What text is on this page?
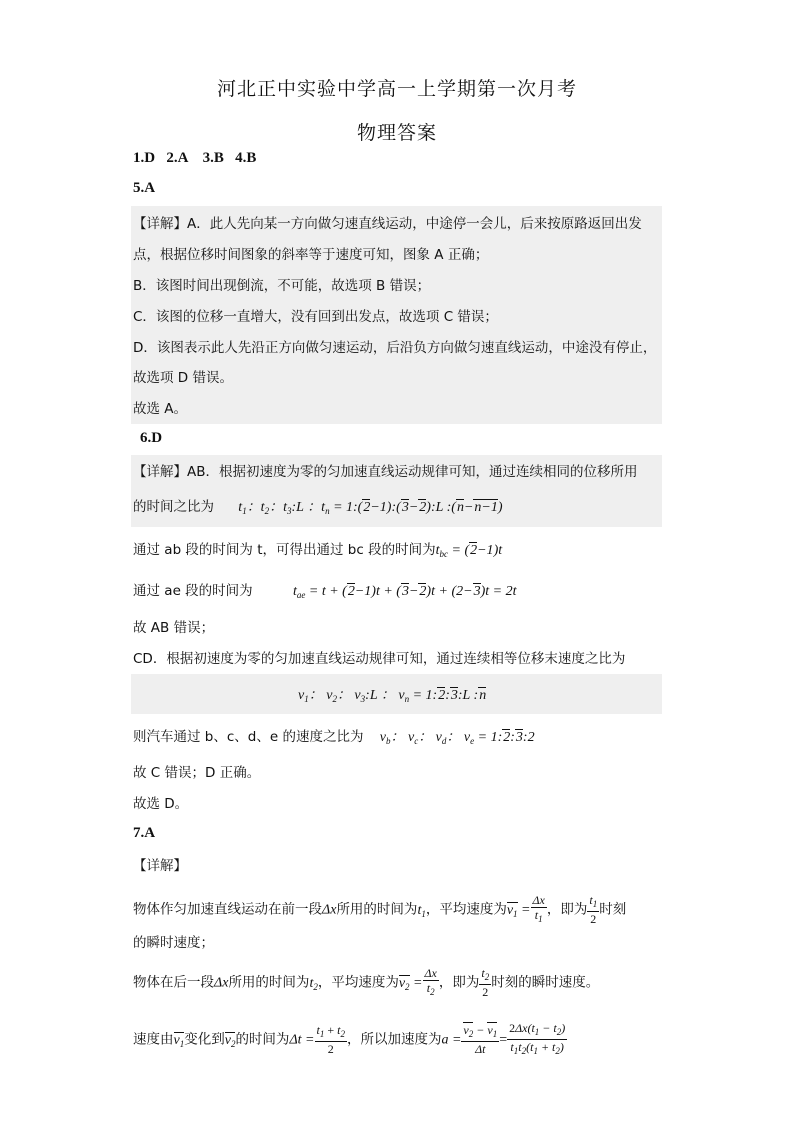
河北正中实验中学高一上学期第一次月考
物理答案
1.D   2.A    3.B   4.B
5.A
【详解】A．此人先向某一方向做匀速直线运动，中途停一会儿，后来按原路返回出发
点，根据位移时间图象的斜率等于速度可知，图象 A 正确；
B．该图时间出现倒流，不可能，故选项 B 错误；
C．该图的位移一直增大，没有回到出发点，故选项 C 错误；
D．该图表示此人先沿正方向做匀速运动，后沿负方向做匀速直线运动，中途没有停止，
故选项 D 错误。
故选 A。
6.D
【详解】AB．根据初速度为零的匀加速直线运动规律可知，通过连续相同的位移所用
的时间之比为 $t_1$：$t_2$：$t_3:L$ ：$t_n$ = 1:(2−1):(3−2):L :(n−n−1)
通过 ab 段的时间为 t，可得出通过 bc 段的时间为$t_{bc} = (2-1)t$
通过 ae 段的时间为	$t_{ae} = t + (2-1)t + (3-2)t + (2-3)t = 2t$
故 AB 错误；
CD．根据初速度为零的匀加速直线运动规律可知，通过连续相等位移末速度之比为
$v_1$： $v_2$： $v_3:L$ ： $v_n$ = 1:2:3:L :n
则汽车通过 b、c、d、e 的速度之比为 $v_b$： $v_c$： $v_d$： $v_e$ = 1:2:3:2
故 C 错误；D 正确。
故选 D。
7.A
【详解】
物体作匀加速直线运动在前一段Δx所用的时间为$t_1$，平均速度为$v_1 = \frac{\Delta x}{t_1}$ ，即为 $\frac{t_1}{2}$ 时刻
的瞬时速度；
物体在后一段Δx所用的时间为$t_2$，平均速度为$v_2 = \frac{\Delta x}{t_2}$ ，即为 $\frac{t_2}{2}$ 时刻的瞬时速度。
速度由$v_1$变化到$v_2$的时间为$\Delta t = \frac{t_1 + t_2}{2}$ ，所以加速度为$a = \frac{v_2 - v_1}{\Delta t} = \frac{2\Delta x(t_1 - t_2)}{t_1t_2(t_1 + t_2)}$
